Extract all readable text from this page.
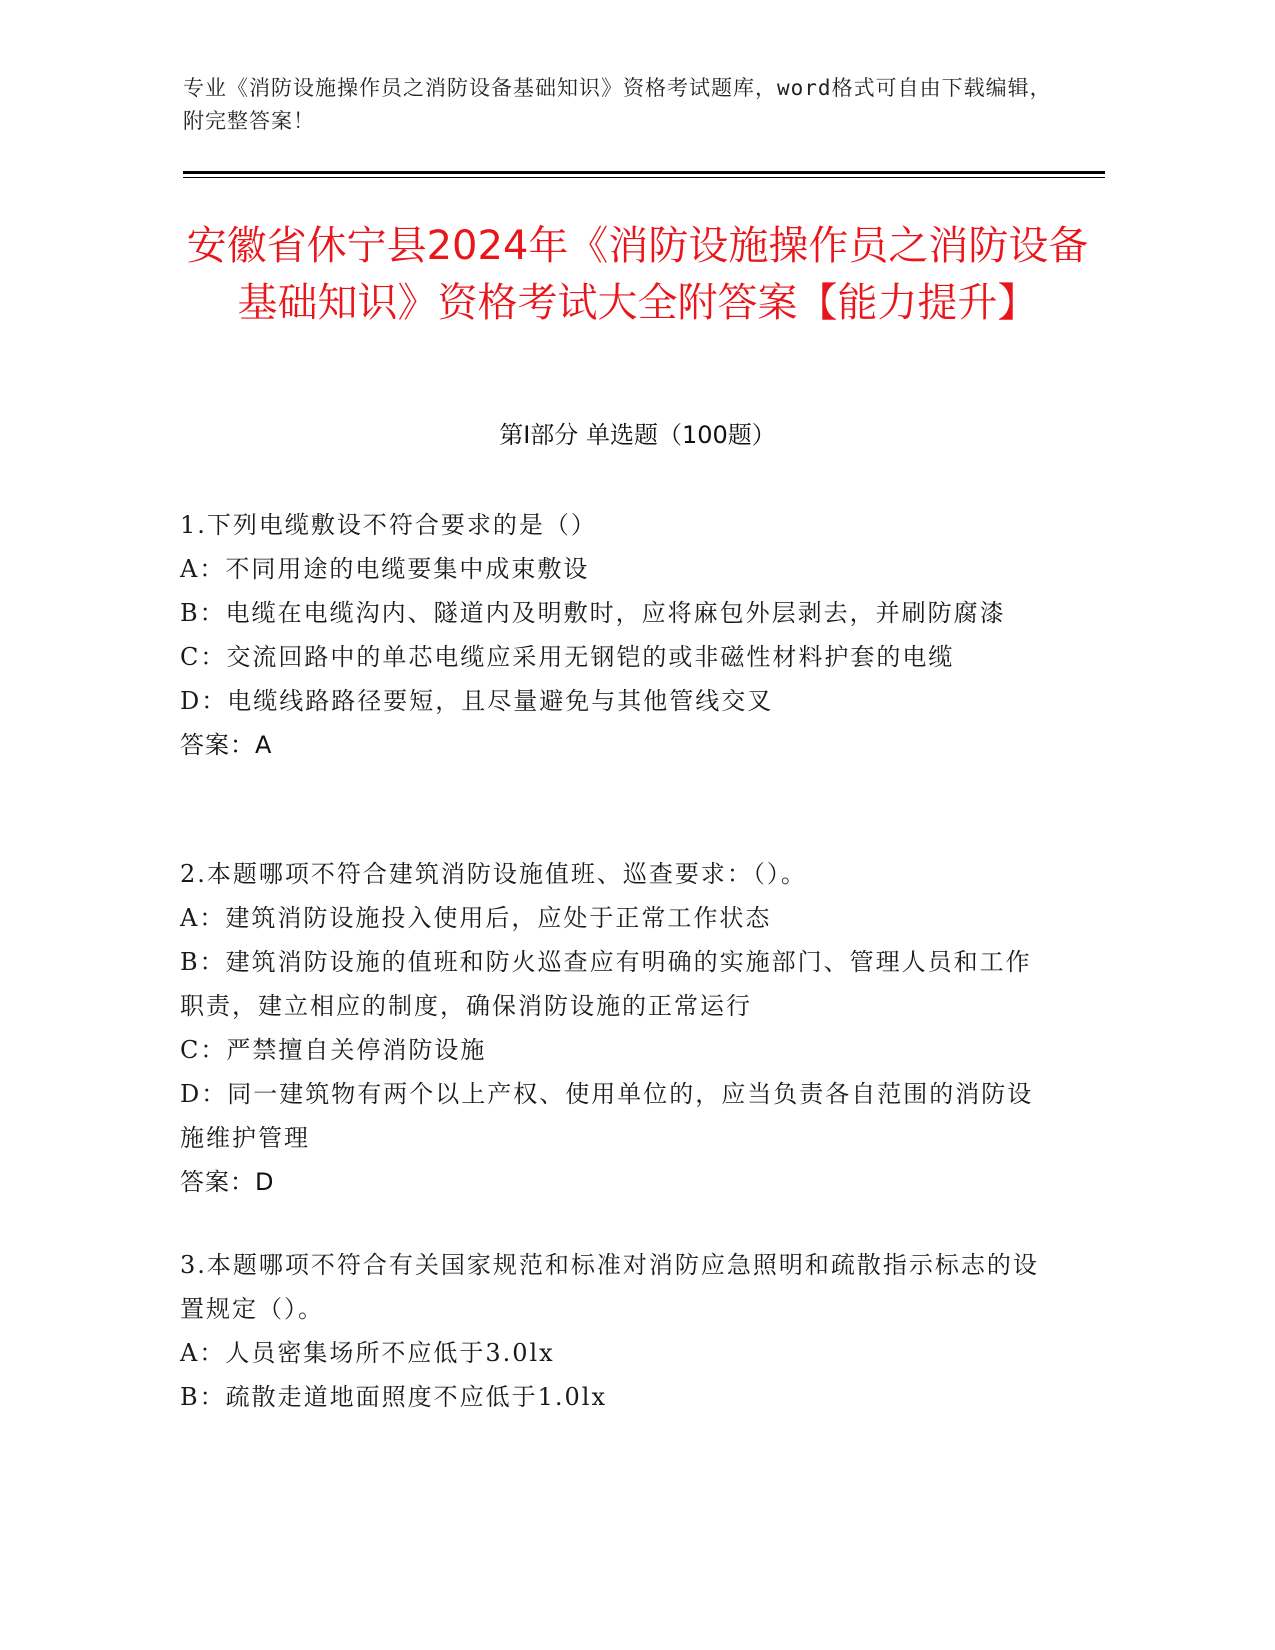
专业《消防设施操作员之消防设备基础知识》资格考试题库，word格式可自由下载编辑，附完整答案！
安徽省休宁县2024年《消防设施操作员之消防设备基础知识》资格考试大全附答案【能力提升】
第Ⅰ部分 单选题（100题）
1.下列电缆敷设不符合要求的是（）
A：不同用途的电缆要集中成束敷设
B：电缆在电缆沟内、隧道内及明敷时，应将麻包外层剥去，并刷防腐漆
C：交流回路中的单芯电缆应采用无钢铠的或非磁性材料护套的电缆
D：电缆线路路径要短，且尽量避免与其他管线交叉
答案：A
2.本题哪项不符合建筑消防设施值班、巡查要求：（）。
A：建筑消防设施投入使用后，应处于正常工作状态
B：建筑消防设施的值班和防火巡查应有明确的实施部门、管理人员和工作职责，建立相应的制度，确保消防设施的正常运行
C：严禁擅自关停消防设施
D：同一建筑物有两个以上产权、使用单位的，应当负责各自范围的消防设施维护管理
答案：D
3.本题哪项不符合有关国家规范和标准对消防应急照明和疏散指示标志的设置规定（）。
A：人员密集场所不应低于3.0lx
B：疏散走道地面照度不应低于1.0lx
